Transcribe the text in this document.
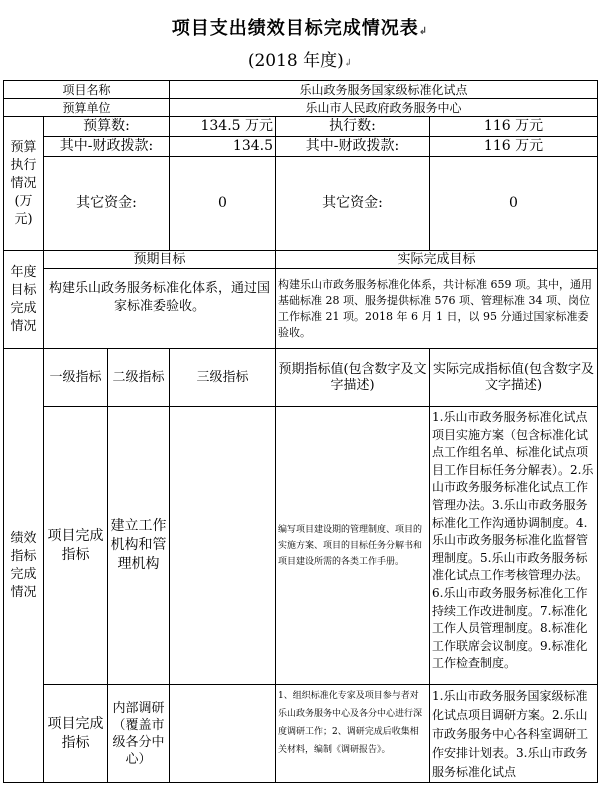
项目支出绩效目标完成情况表↲
(2018 年度)↲
项目名称			乐山政务服务国家级标准化试点		
预算单位			乐山市人民政府政务服务中心		
预算执行情况(万元)	预算数:		134.5 万元	执行数:	116 万元
	其中-财政拨款:		134.5	其中-财政拨款:	116 万元
	其它资金:		0	其它资金:	0
年度目标完成情况	预期目标			实际完成目标	
	构建乐山政务服务标准化体系，通过国家标准委验收。			构建乐山市政务服务标准化体系，共计标准 659 项。其中，通用基础标准 28 项、服务提供标准 576 项、管理标准 34 项、岗位工作标准 21 项。2018 年 6 月 1 日，以 95 分通过国家标准委验收。	
绩效指标完成情况	一级指标	二级指标	三级指标	预期指标值(包含数字及文字描述)	实际完成指标值(包含数字及文字描述)
	项目完成指标	建立工作机构和管理机构		编写项目建设期的管理制度、项目的实施方案、项目的目标任务分解书和项目建设所需的各类工作手册。	1.乐山市政务服务标准化试点项目实施方案（包含标准化试点工作组名单、标准化试点项目工作目标任务分解表）。2.乐山市政务服务标准化试点工作管理办法。3.乐山市政务服务标准化工作沟通协调制度。4.乐山市政务服务标准化监督管理制度。5.乐山市政务服务标准化试点工作考核管理办法。6.乐山市政务服务标准化工作持续工作改进制度。7.标准化工作人员管理制度。8.标准化工作联席会议制度。9.标准化工作检查制度。
	项目完成指标	内部调研（覆盖市级各分中心）		1、组织标准化专家及项目参与者对乐山政务服务中心及各分中心进行深度调研工作；2、调研完成后收集相关材料，编制《调研报告》。	1.乐山市政务服务国家级标准化试点项目调研方案。2.乐山市政务服务中心各科室调研工作安排计划表。3.乐山市政务服务标准化试点
